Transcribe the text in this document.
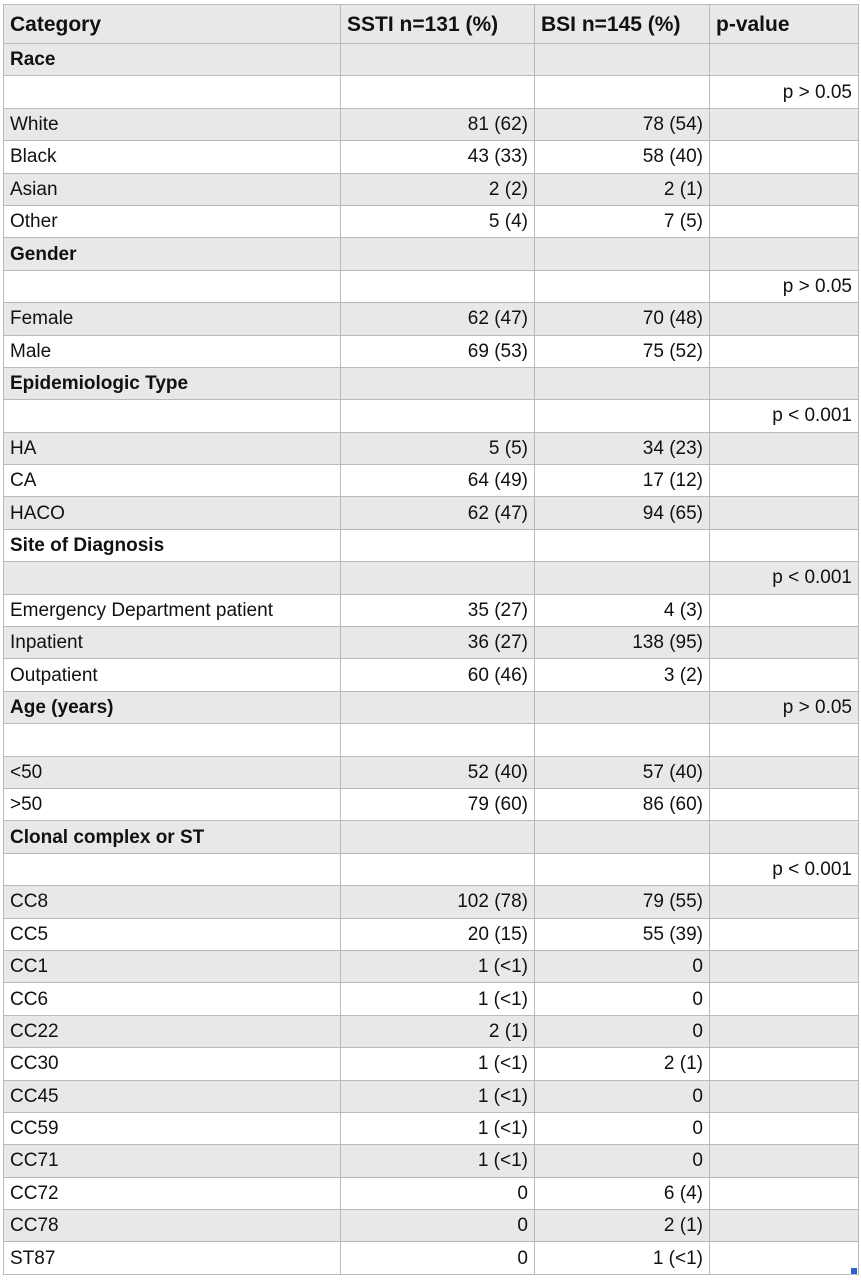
Category	SSTI n=131 (%)	BSI n=145 (%)	p-value
Race			
			p > 0.05
White	81 (62)	78 (54)	
Black	43 (33)	58 (40)	
Asian	2 (2)	2 (1)	
Other	5 (4)	7 (5)	
Gender			
			p > 0.05
Female	62 (47)	70 (48)	
Male	69 (53)	75 (52)	
Epidemiologic Type			
			p < 0.001
HA	5 (5)	34 (23)	
CA	64 (49)	17 (12)	
HACO	62 (47)	94 (65)	
Site of Diagnosis			
			p < 0.001
Emergency Department patient	35 (27)	4 (3)	
Inpatient	36 (27)	138 (95)	
Outpatient	60 (46)	3 (2)	
Age (years)			p > 0.05

<50	52 (40)	57 (40)	
>50	79 (60)	86 (60)	
Clonal complex or ST			
			p < 0.001
CC8	102 (78)	79 (55)	
CC5	20 (15)	55 (39)	
CC1	1 (<1)	0	
CC6	1 (<1)	0	
CC22	2 (1)	0	
CC30	1 (<1)	2 (1)	
CC45	1 (<1)	0	
CC59	1 (<1)	0	
CC71	1 (<1)	0	
CC72	0	6 (4)	
CC78	0	2 (1)	
ST87	0	1 (<1)	
